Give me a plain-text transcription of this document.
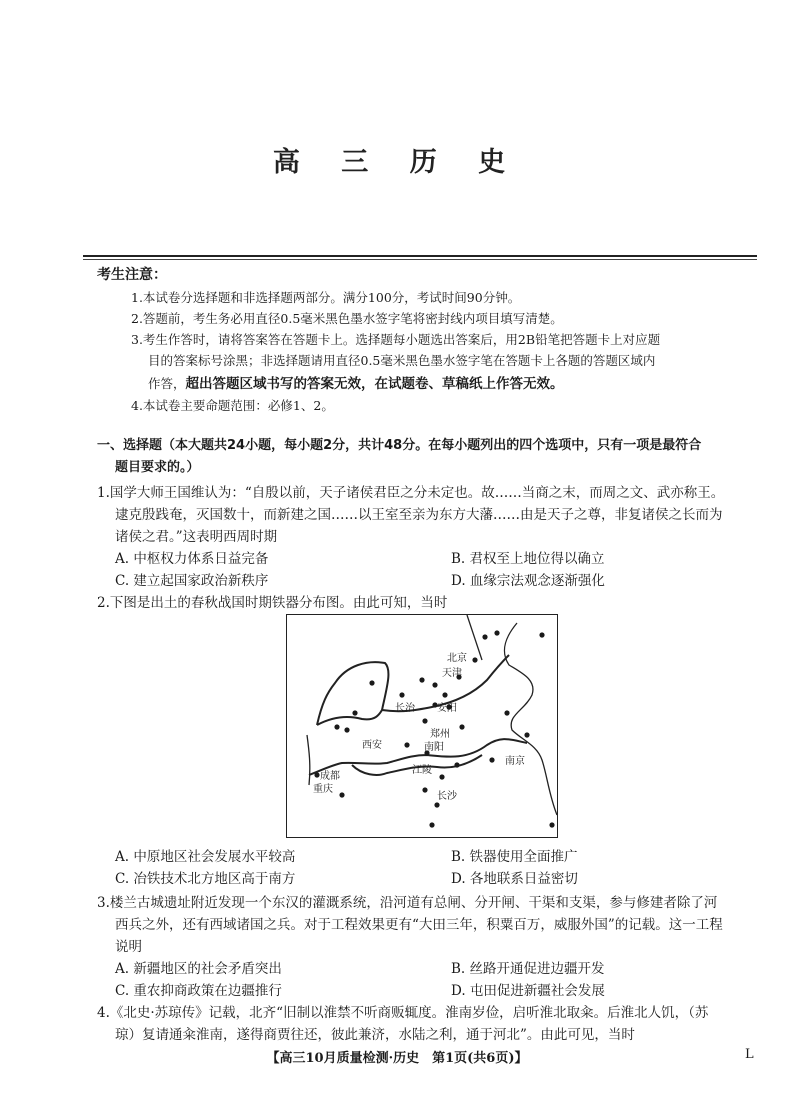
高 三 历 史
考生注意：
1.本试卷分选择题和非选择题两部分。满分100分，考试时间90分钟。
2.答题前，考生务必用直径0.5毫米黑色墨水签字笔将密封线内项目填写清楚。
3.考生作答时，请将答案答在答题卡上。选择题每小题选出答案后，用2B铅笔把答题卡上对应题
目的答案标号涂黑；非选择题请用直径0.5毫米黑色墨水签字笔在答题卡上各题的答题区域内
作答，超出答题区域书写的答案无效，在试题卷、草稿纸上作答无效。
4.本试卷主要命题范围：必修1、2。
一、选择题（本大题共24小题，每小题2分，共计48分。在每小题列出的四个选项中，只有一项是最符合
题目要求的。）
1.国学大师王国维认为：“自殷以前，天子诸侯君臣之分未定也。故……当商之末，而周之文、武亦称王。
逮克殷践奄，灭国数十，而新建之国……以王室至亲为东方大藩……由是天子之尊，非复诸侯之长而为
诸侯之君。”这表明西周时期
A. 中枢权力体系日益完备	B. 君权至上地位得以确立
C. 建立起国家政治新秩序	D. 血缘宗法观念逐渐强化
2.下图是出土的春秋战国时期铁器分布图。由此可知，当时
北京
天津
长治 安阳
郑州
西安	南阳
南京
成都
重庆
江陵
长沙
A. 中原地区社会发展水平较高	B. 铁器使用全面推广
C. 冶铁技术北方地区高于南方	D. 各地联系日益密切
3.楼兰古城遗址附近发现一个东汉的灌溉系统，沿河道有总闸、分开闸、干渠和支渠，参与修建者除了河
西兵之外，还有西域诸国之兵。对于工程效果更有“大田三年，积粟百万，威服外国”的记载。这一工程
说明
A. 新疆地区的社会矛盾突出	B. 丝路开通促进边疆开发
C. 重农抑商政策在边疆推行	D. 屯田促进新疆社会发展
4.《北史·苏琼传》记载，北齐“旧制以淮禁不听商贩辄度。淮南岁俭，启听淮北取籴。后淮北人饥，（苏
琼）复请通籴淮南，遂得商贾往还，彼此兼济，水陆之利，通于河北”。由此可见，当时
【高三10月质量检测·历史　第1页(共6页)】	L
